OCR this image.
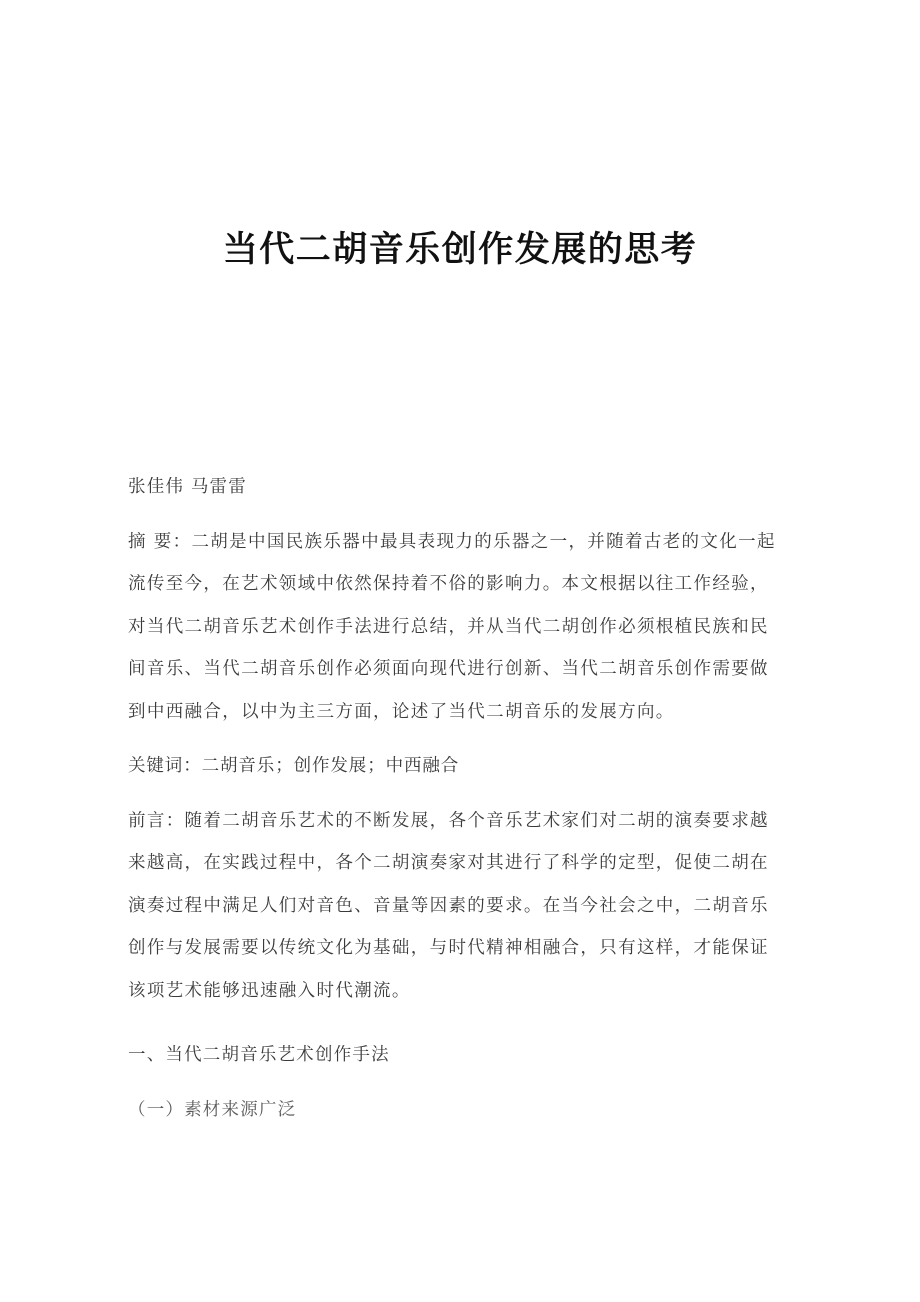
当代二胡音乐创作发展的思考
张佳伟 马雷雷
摘 要：二胡是中国民族乐器中最具表现力的乐器之一，并随着古老的文化一起
流传至今，在艺术领域中依然保持着不俗的影响力。本文根据以往工作经验，
对当代二胡音乐艺术创作手法进行总结，并从当代二胡创作必须根植民族和民
间音乐、当代二胡音乐创作必须面向现代进行创新、当代二胡音乐创作需要做
到中西融合，以中为主三方面，论述了当代二胡音乐的发展方向。
关键词：二胡音乐；创作发展；中西融合
前言：随着二胡音乐艺术的不断发展，各个音乐艺术家们对二胡的演奏要求越
来越高，在实践过程中，各个二胡演奏家对其进行了科学的定型，促使二胡在
演奏过程中满足人们对音色、音量等因素的要求。在当今社会之中，二胡音乐
创作与发展需要以传统文化为基础，与时代精神相融合，只有这样，才能保证
该项艺术能够迅速融入时代潮流。
一、当代二胡音乐艺术创作手法
（一）素材来源广泛
